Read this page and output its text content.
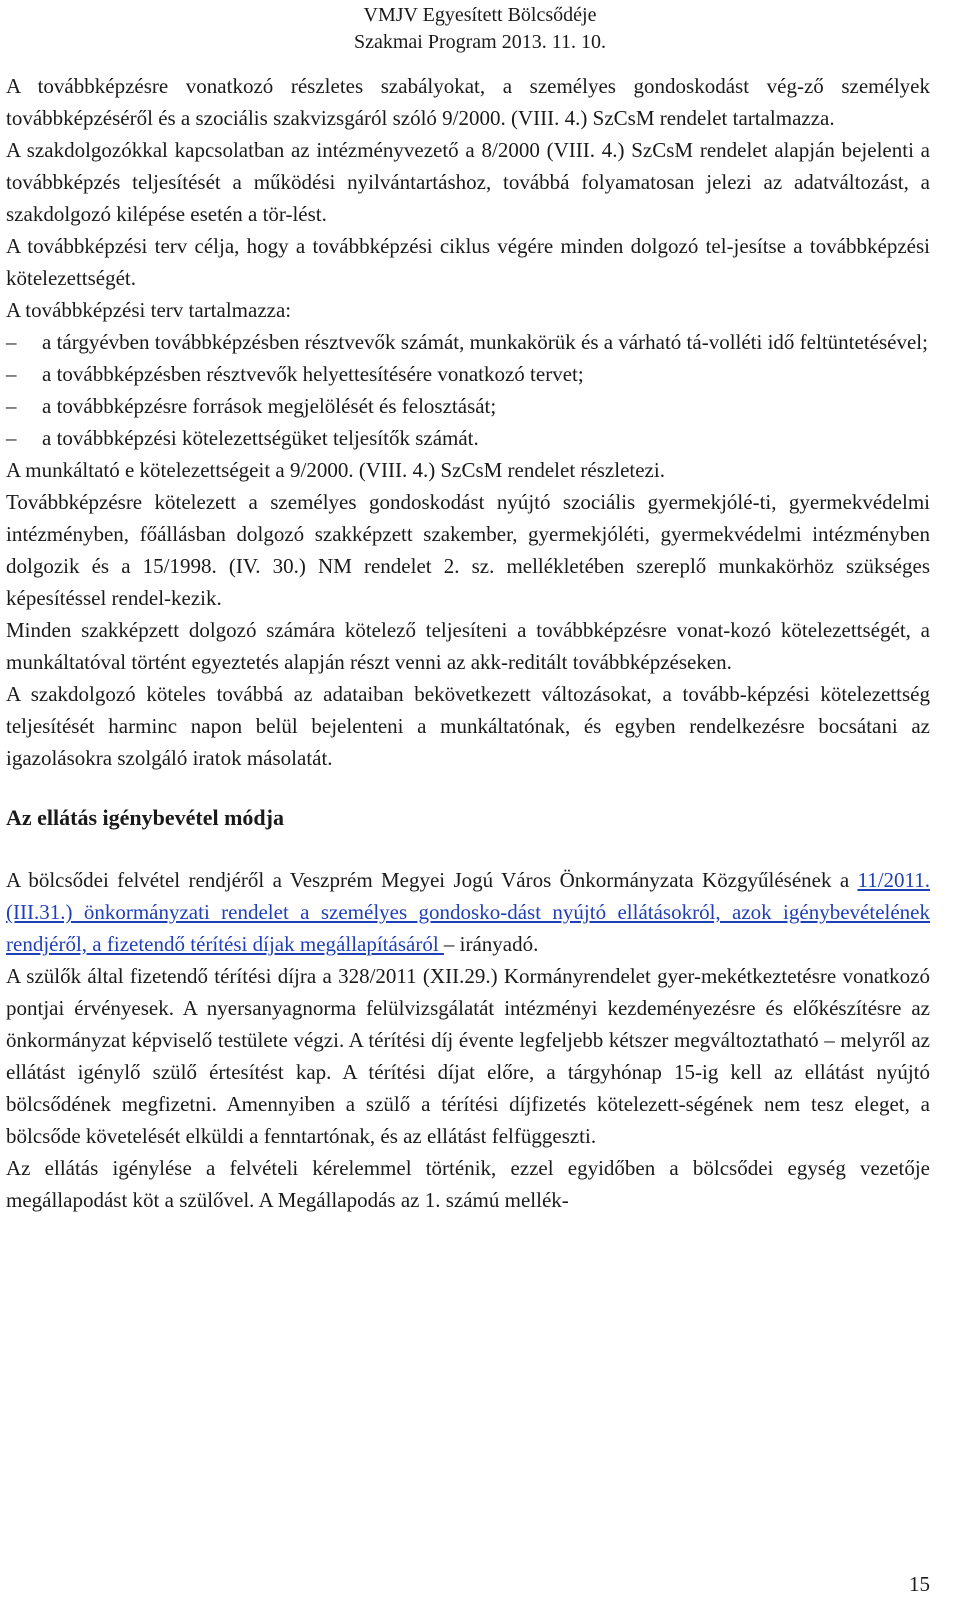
VMJV Egyesített Bölcsődéje
Szakmai Program 2013. 11. 10.

A továbbképzésre vonatkozó részletes szabályokat, a személyes gondoskodást vég-ző személyek továbbképzéséről és a szociális szakvizsgáról szóló 9/2000. (VIII. 4.) SzCsM rendelet tartalmazza.

A szakdolgozókkal kapcsolatban az intézményvezető a 8/2000 (VIII. 4.) SzCsM rendelet alapján bejelenti a továbbképzés teljesítését a működési nyilvántartáshoz, továbbá folyamatosan jelezi az adatváltozást, a szakdolgozó kilépése esetén a tör-lést.

A továbbképzési terv célja, hogy a továbbképzési ciklus végére minden dolgozó tel-jesítse a továbbképzési kötelezettségét.

A továbbképzési terv tartalmazza:

– a tárgyévben továbbképzésben résztvevők számát, munkakörük és a várható tá-volléti idő feltüntetésével;
– a továbbképzésben résztvevők helyettesítésére vonatkozó tervet;
– a továbbképzésre források megjelölését és felosztását;
– a továbbképzési kötelezettségüket teljesítők számát.

A munkáltató e kötelezettségeit a 9/2000. (VIII. 4.) SzCsM rendelet részletezi.

Továbbképzésre kötelezett a személyes gondoskodást nyújtó szociális gyermekjólé-ti, gyermekvédelmi intézményben, főállásban dolgozó szakképzett szakember, gyermekjóléti, gyermekvédelmi intézményben dolgozik és a 15/1998. (IV. 30.) NM rendelet 2. sz. mellékletében szereplő munkakörhöz szükséges képesítéssel rendel-kezik.

Minden szakképzett dolgozó számára kötelező teljesíteni a továbbképzésre vonat-kozó kötelezettségét, a munkáltatóval történt egyeztetés alapján részt venni az akk-reditált továbbképzéseken.

A szakdolgozó köteles továbbá az adataiban bekövetkezett változásokat, a tovább-képzési kötelezettség teljesítését harminc napon belül bejelenteni a munkáltatónak, és egyben rendelkezésre bocsátani az igazolásokra szolgáló iratok másolatát.

Az ellátás igénybevétel módja

A bölcsődei felvétel rendjéről a Veszprém Megyei Jogú Város Önkormányzata Közgyűlésének a 11/2011. (III.31.) önkormányzati rendelet a személyes gondosko-dást nyújtó ellátásokról, azok igénybevételének rendjéről, a fizetendő térítési díjak megállapításáról – irányadó.

A szülők által fizetendő térítési díjra a 328/2011 (XII.29.) Kormányrendelet gyer-mekétkeztetésre vonatkozó pontjai érvényesek. A nyersanyagnorma felülvizsgálatát intézményi kezdeményezésre és előkészítésre az önkormányzat képviselő testülete végzi. A térítési díj évente legfeljebb kétszer megváltoztatható – melyről az ellátást igénylő szülő értesítést kap. A térítési díjat előre, a tárgyhónap 15-ig kell az ellátást nyújtó bölcsődének megfizetni. Amennyiben a szülő a térítési díjfizetés kötelezett-ségének nem tesz eleget, a bölcsőde követelését elküldi a fenntartónak, és az ellátást felfüggeszti.

Az ellátás igénylése a felvételi kérelemmel történik, ezzel egyidőben a bölcsődei egység vezetője megállapodást köt a szülővel. A Megállapodás az 1. számú mellék-

15
